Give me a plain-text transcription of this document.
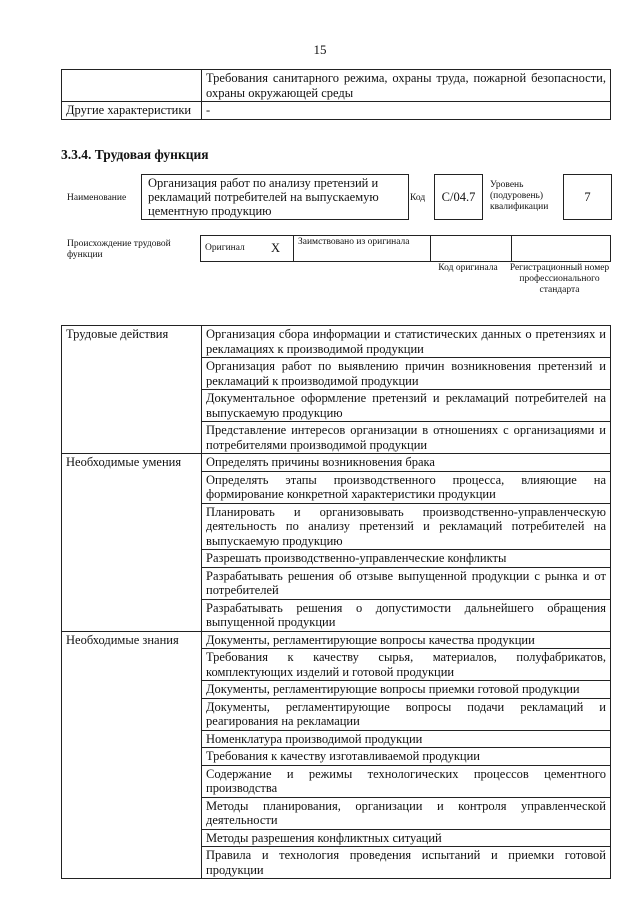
15
	Требования санитарного режима, охраны труда, пожарной безопасности, охраны окружающей среды
Другие характеристики	-
3.3.4. Трудовая функция
Наименование
Организация работ по анализу претензий и рекламаций потребителей на выпускаемую цементную продукцию
Код	C/04.7
Уровень (подуровень) квалификации
7
Происхождение трудовой функции
Оригинал	X	Заимствовано из оригинала		
Код оригинала	Регистрационный номер профессионального стандарта
Трудовые действия	Организация сбора информации и статистических данных о претензиях и рекламациях к производимой продукции
	Организация работ по выявлению причин возникновения претензий и рекламаций к производимой продукции
	Документальное оформление претензий и рекламаций потребителей на выпускаемую продукцию
	Представление интересов организации в отношениях с организациями и потребителями производимой продукции
Необходимые умения	Определять причины возникновения брака
	Определять этапы производственного процесса, влияющие на формирование конкретной характеристики продукции
	Планировать и организовывать производственно-управленческую деятельность по анализу претензий и рекламаций потребителей на выпускаемую продукцию
	Разрешать производственно-управленческие конфликты
	Разрабатывать решения об отзыве выпущенной продукции с рынка и от потребителей
	Разрабатывать решения о допустимости дальнейшего обращения выпущенной продукции
Необходимые знания	Документы, регламентирующие вопросы качества продукции
	Требования к качеству сырья, материалов, полуфабрикатов, комплектующих изделий и готовой продукции
	Документы, регламентирующие вопросы приемки готовой продукции
	Документы, регламентирующие вопросы подачи рекламаций и реагирования на рекламации
	Номенклатура производимой продукции
	Требования к качеству изготавливаемой продукции
	Содержание и режимы технологических процессов цементного производства
	Методы планирования, организации и контроля управленческой деятельности
	Методы разрешения конфликтных ситуаций
	Правила и технология проведения испытаний и приемки готовой продукции
